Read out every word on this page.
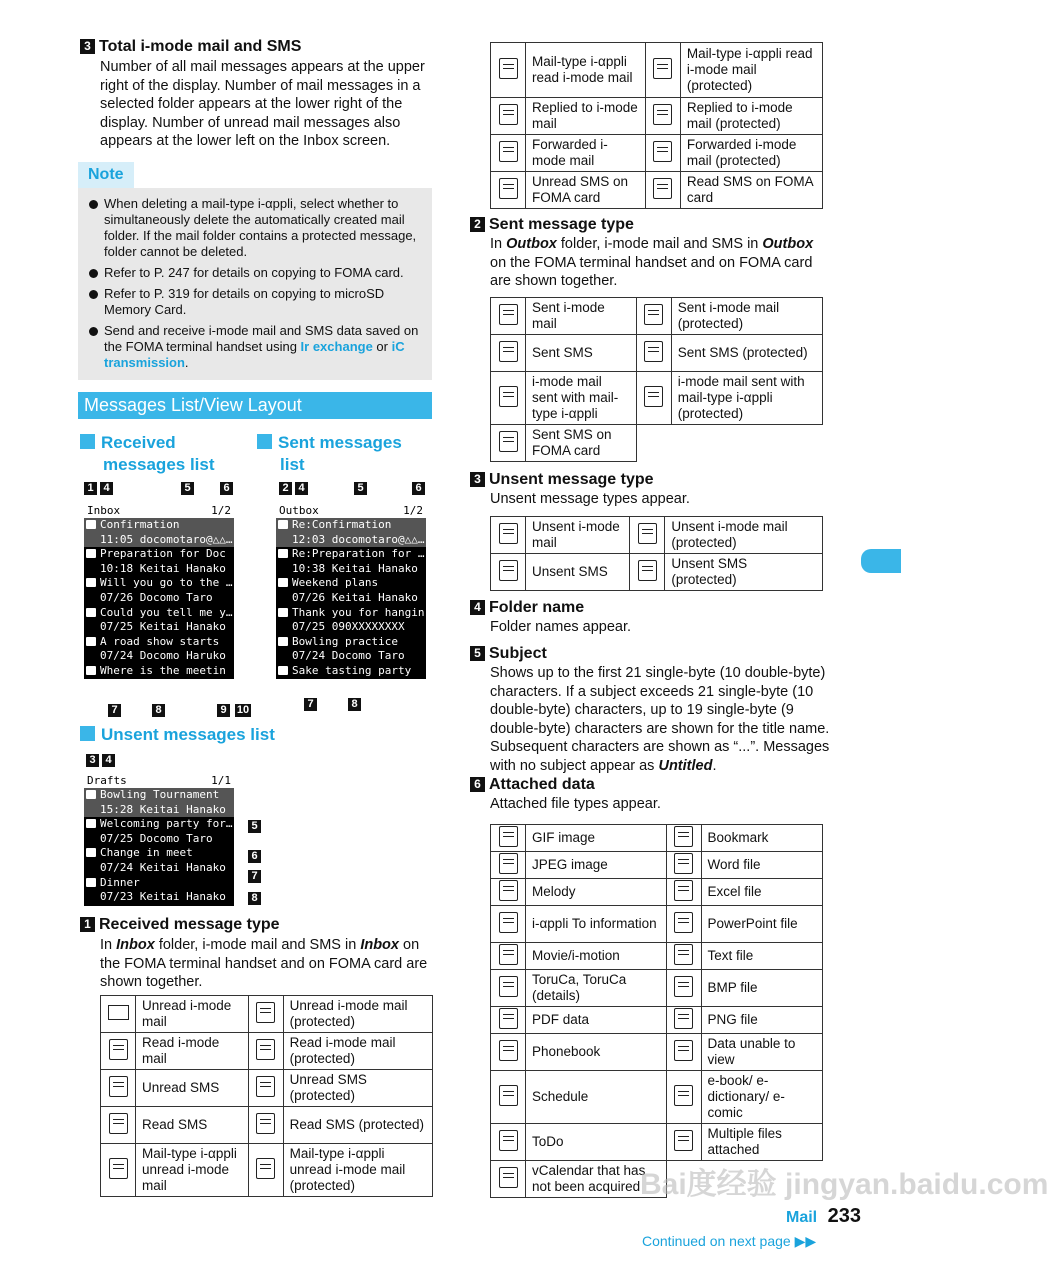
3 Total i-mode mail and SMS
Number of all mail messages appears at the upper right of the display. Number of mail messages in a selected folder appears at the lower right of the display. Number of unread mail messages also appears at the lower left on the Inbox screen.
Note
When deleting a mail-type i-αppli, select whether to simultaneously delete the automatically created mail folder. If the mail folder contains a protected message, folder cannot be deleted.
Refer to P. 247 for details on copying to FOMA card.
Refer to P. 319 for details on copying to microSD Memory Card.
Send and receive i-mode mail and SMS data saved on the FOMA terminal handset using Ir exchange or iC transmission.
Messages List/View Layout
Received
messages list
Sent messages
list
1 4	5	6
Inbox	1/2
Confirmation
11:05 docomotaro@△△…
Preparation for Doc
10:18 Keitai Hanako
Will you go to the …
07/26 Docomo Taro
Could you tell me y…
07/25 Keitai Hanako
A road show starts
07/24 Docomo Haruko
Where is the meetin
07/24 Keitai Hanako
7	8	9 10
2 4	5	6
Outbox	1/2
Re:Confirmation
12:03 docomotaro@△△…
Re:Preparation for …
10:38 Keitai Hanako
Weekend plans
07/26 Keitai Hanako
Thank you for hangin
07/25 090XXXXXXXX
Bowling practice
07/24 Docomo Taro
Sake tasting party
07/24 Docomo Haruko
7	8
Unsent messages list
3 4
Drafts	1/1
Bowling Tournament
15:28 Keitai Hanako
Welcoming party for…
07/25 Docomo Taro
Change in meet
07/24 Keitai Hanako
Dinner
07/23 Keitai Hanako
5
6
7
8
1 Received message type
In Inbox folder, i-mode mail and SMS in Inbox on the FOMA terminal handset and on FOMA card are shown together.
	Unread i-mode mail		Unread i-mode mail (protected)
	Read i-mode mail		Read i-mode mail (protected)
	Unread SMS		Unread SMS (protected)
	Read SMS		Read SMS (protected)
	Mail-type i-αppli unread i-mode mail		Mail-type i-αppli unread i-mode mail (protected)
	Mail-type i-αppli read i-mode mail		Mail-type i-αppli read i-mode mail (protected)
	Replied to i-mode mail		Replied to i-mode mail (protected)
	Forwarded i-mode mail		Forwarded i-mode mail (protected)
	Unread SMS on FOMA card		Read SMS on FOMA card
2 Sent message type
In Outbox folder, i-mode mail and SMS in Outbox on the FOMA terminal handset and on FOMA card are shown together.
	Sent i-mode mail		Sent i-mode mail (protected)
	Sent SMS		Sent SMS (protected)
	i-mode mail sent with mail-type i-αppli		i-mode mail sent with mail-type i-αppli (protected)
	Sent SMS on FOMA card		
3 Unsent message type
Unsent message types appear.
	Unsent i-mode mail		Unsent i-mode mail (protected)
	Unsent SMS		Unsent SMS (protected)
4 Folder name
Folder names appear.
5 Subject
Shows up to the first 21 single-byte (10 double-byte) characters. If a subject exceeds 21 single-byte (10 double-byte) characters, up to 19 single-byte (9 double-byte) characters are shown for the title name. Subsequent characters are shown as “...”. Messages with no subject appear as Untitled.
6 Attached data
Attached file types appear.
	GIF image		Bookmark
	JPEG image		Word file
	Melody		Excel file
	i-αppli To information		PowerPoint file
	Movie/i-motion		Text file
	ToruCa, ToruCa (details)		BMP file
	PDF data		PNG file
	Phonebook		Data unable to view
	Schedule		e-book/ e-dictionary/ e-comic
	ToDo		Multiple files attached
	vCalendar that has not been acquired		Bai度经验 jingyan.baidu.com
Mail 233
Continued on next page ▶▶
